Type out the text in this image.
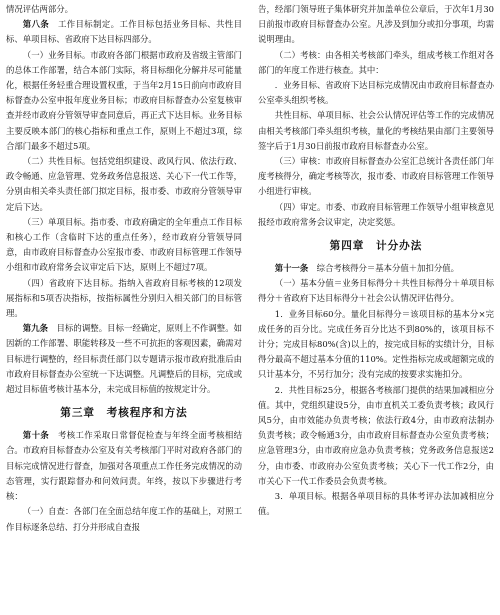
情况评估两部分。

第八条　 工作目标制定。工作目标包括业务目标、共性目标、单项目标、省政府下达目标四部分。

（一）业务目标。市政府各部门根据市政府及省级主管部门的总体工作部署，结合本部门实际，将目标细化分解并尽可能量化，根据任务轻重合理设置权重，于当年2月15日前向市政府目标督查办公室申报年度业务目标；市政府目标督查办公室复核审查并经市政府分管领导审查同意后，再正式下达目标。业务目标主要反映本部门的核心指标和重点工作，原则上不超过3项，综合部门最多不超过5项。

（二）共性目标。包括党组织建设、政风行风、依法行政、政令畅通、应急管理、党务政务信息报送、关心下一代工作等，分别由相关牵头责任部门拟定目标，报市委、市政府分管领导审定后下达。

（三）单项目标。指市委、市政府确定的全年重点工作目标和核心工作（含临时下达的重点任务），经市政府分管领导同意，由市政府目标督查办公室报市委、市政府目标管理工作领导小组和市政府常务会议审定后下达，原则上不超过7项。

（四）省政府下达目标。指纳入省政府目标考核的12项发展指标和5项否决指标，按指标属性分别归入相关部门的目标管理。

第九条　 目标的调整。目标一经确定，原则上不作调整。如因新的工作部署、职能转移及一些不可抗拒的客观因素，确需对目标进行调整的，经目标责任部门以专题请示报市政府批准后由市政府目标督查办公室统一下达调整。凡调整后的目标，完成或超过目标值考核计基本分，未完成目标值的按规定计分。

第三章　考核程序和方法

第十条　 考核工作采取日常督促检查与年终全面考核相结合。市政府目标督查办公室及有关考核部门平时对政府各部门的目标完成情况进行督查，加强对各项重点工作任务完成情况的动态管理，实行跟踪督办和问效问责。年终，按以下步骤进行考核：

（一）自查：各部门在全面总结年度工作的基础上，对照工作目标逐条总结、打分并形成自查报

告，经部门领导班子集体研究并加盖单位公章后，于次年1月30日前报市政府目标督查办公室。凡涉及到加分或扣分事项，均需说明理由。

（二）考核：由各相关考核部门牵头，组成考核工作组对各部门的年度工作进行核查。其中：

．业务目标、省政府下达目标完成情况由市政府目标督查办公室牵头组织考核。

共性目标、单项目标、社会公认情况评估等工作的完成情况由相关考核部门牵头组织考核，量化的考核结果由部门主要领导签字后于1月30日前报市政府目标督查办公室。

（三）审核：市政府目标督查办公室汇总统计各责任部门年度考核得分，确定考核等次，报市委、市政府目标管理工作领导小组进行审核。

（四）审定。市委、市政府目标管理工作领导小组审核意见报经市政府常务会议审定，决定奖惩。

第四章　计分办法

第十一条　 综合考核得分＝基本分值＋加扣分值。

（一）基本分值＝业务目标得分＋共性目标得分＋单项目标得分＋省政府下达目标得分＋社会公认情况评估得分。

1．业务目标60分。量化目标得分＝该项目标的基本分×完成任务的百分比。完成任务百分比达不到80%的，该项目标不计分；完成目标80%(含)以上的，按完成目标的实绩计分，目标得分最高不超过基本分值的110%。定性指标完成或超额完成的只计基本分，不另行加分；没有完成的按要求实施扣分。

2．共性目标25分，根据各考核部门提供的结果加减相应分值。其中，党组织建设5分，由市直机关工委负责考核；政风行风5分，由市效能办负责考核；依法行政4分，由市政府法制办负责考核；政令畅通3分，由市政府目标督查办公室负责考核；应急管理3分，由市政府应急办负责考核；党务政务信息报送2分，由市委、市政府办公室负责考核；关心下一代工作2分，由市关心下一代工作委员会负责考核。

3．单项目标。根据各单项目标的具体考评办法加减相应分值。
